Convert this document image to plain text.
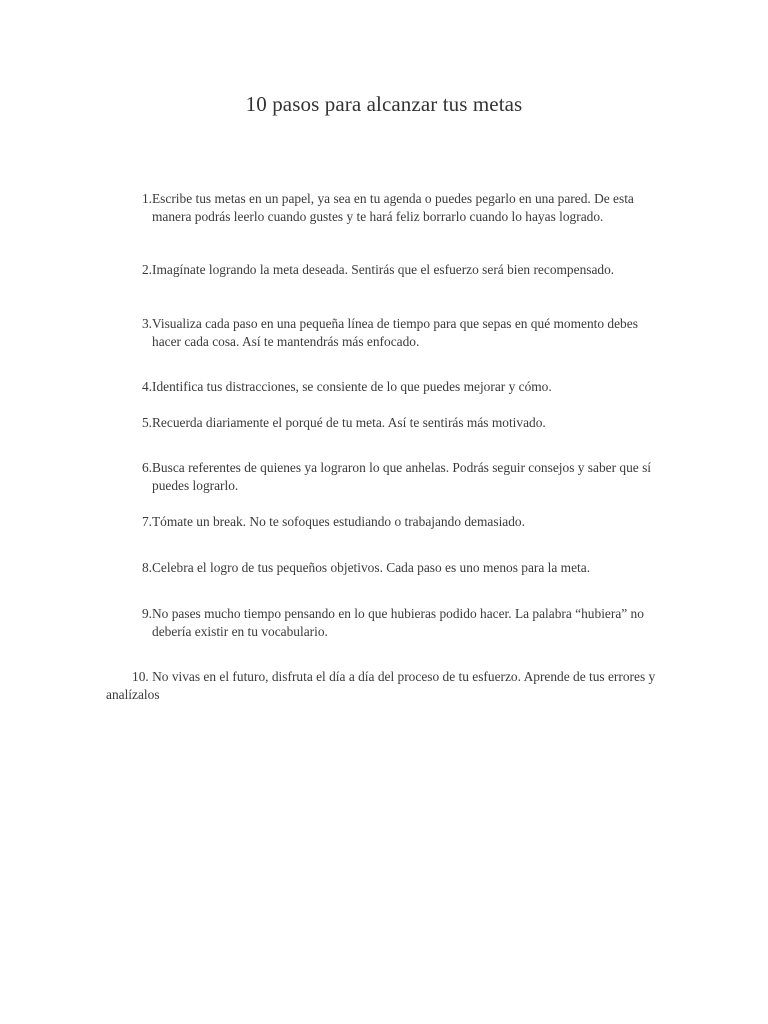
10 pasos para alcanzar tus metas
1. Escribe tus metas en un papel, ya sea en tu agenda o puedes pegarlo en una pared. De esta manera podrás leerlo cuando gustes y te hará feliz borrarlo cuando lo hayas logrado.
2. Imagínate logrando la meta deseada. Sentirás que el esfuerzo será bien recompensado.
3. Visualiza cada paso en una pequeña línea de tiempo para que sepas en qué momento debes hacer cada cosa. Así te mantendrás más enfocado.
4. Identifica tus distracciones, se consiente de lo que puedes mejorar y cómo.
5. Recuerda diariamente el porqué de tu meta. Así te sentirás más motivado.
6. Busca referentes de quienes ya lograron lo que anhelas. Podrás seguir consejos y saber que sí puedes lograrlo.
7. Tómate un break. No te sofoques estudiando o trabajando demasiado.
8. Celebra el logro de tus pequeños objetivos. Cada paso es uno menos para la meta.
9. No pases mucho tiempo pensando en lo que hubieras podido hacer. La palabra “hubiera” no debería existir en tu vocabulario.
10. No vivas en el futuro, disfruta el día a día del proceso de tu esfuerzo. Aprende de tus errores y analízalos
